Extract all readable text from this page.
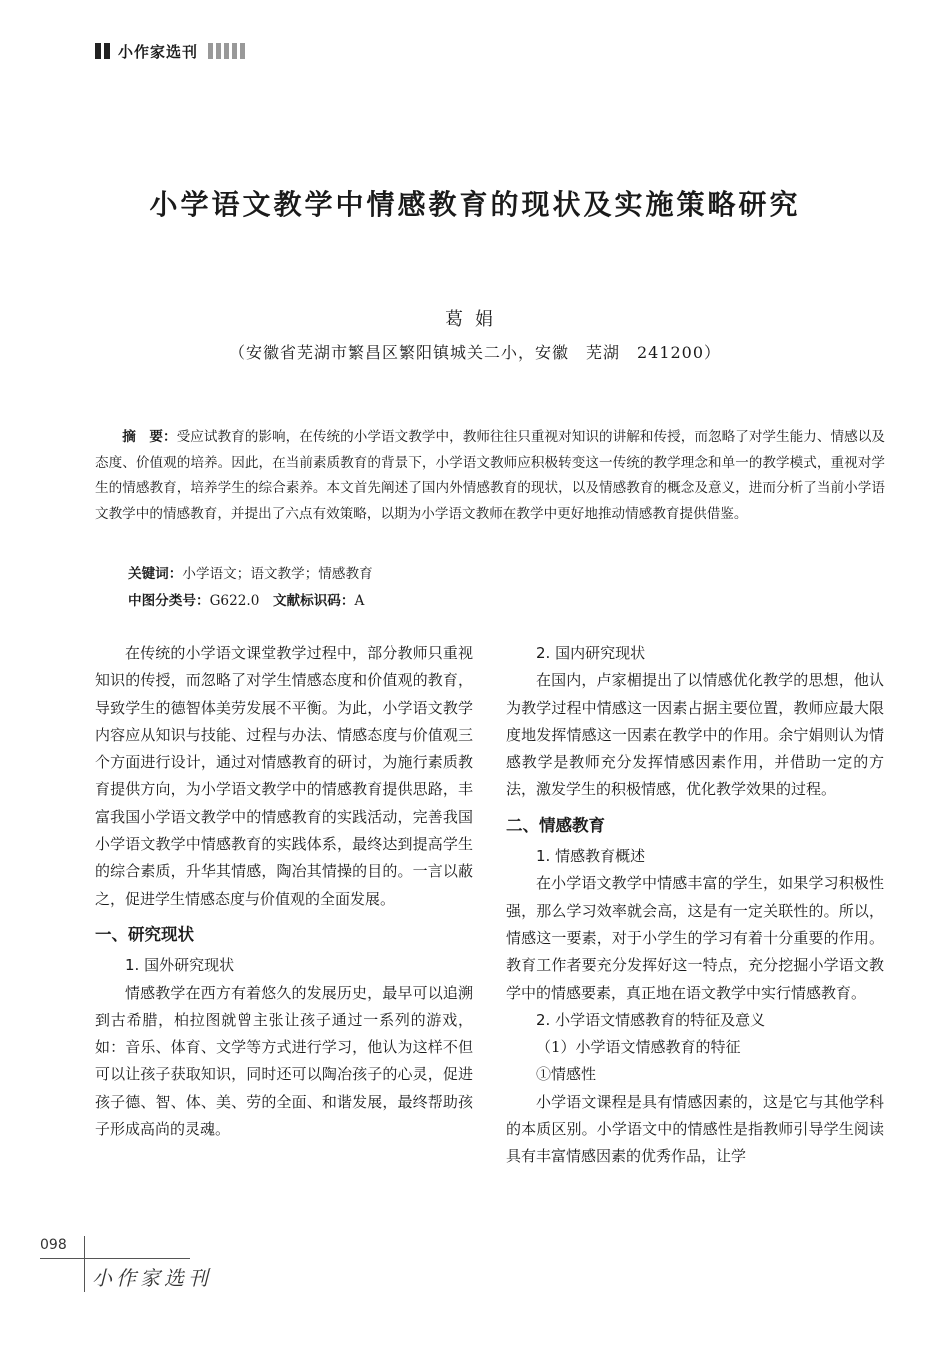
小作家选刊
小学语文教学中情感教育的现状及实施策略研究
葛娟
（安徽省芜湖市繁昌区繁阳镇城关二小，安徽　芜湖　241200）

摘　要：受应试教育的影响，在传统的小学语文教学中，教师往往只重视对知识的讲解和传授，而忽略了对学生能力、情感以及态度、价值观的培养。因此，在当前素质教育的背景下，小学语文教师应积极转变这一传统的教学理念和单一的教学模式，重视对学生的情感教育，培养学生的综合素养。本文首先阐述了国内外情感教育的现状，以及情感教育的概念及意义，进而分析了当前小学语文教学中的情感教育，并提出了六点有效策略，以期为小学语文教师在教学中更好地推动情感教育提供借鉴。

关键词：小学语文；语文教学；情感教育
中图分类号：G622.0  文献标识码：A

在传统的小学语文课堂教学过程中，部分教师只重视知识的传授，而忽略了对学生情感态度和价值观的教育，导致学生的德智体美劳发展不平衡。为此，小学语文教学内容应从知识与技能、过程与办法、情感态度与价值观三个方面进行设计，通过对情感教育的研讨，为施行素质教育提供方向，为小学语文教学中的情感教育提供思路，丰富我国小学语文教学中的情感教育的实践活动，完善我国小学语文教学中情感教育的实践体系，最终达到提高学生的综合素质，升华其情感，陶冶其情操的目的。一言以蔽之，促进学生情感态度与价值观的全面发展。

一、研究现状

1. 国外研究现状

情感教学在西方有着悠久的发展历史，最早可以追溯到古希腊，柏拉图就曾主张让孩子通过一系列的游戏，如：音乐、体育、文学等方式进行学习，他认为这样不但可以让孩子获取知识，同时还可以陶冶孩子的心灵，促进孩子德、智、体、美、劳的全面、和谐发展，最终帮助孩子形成高尚的灵魂。

2. 国内研究现状

在国内，卢家楣提出了以情感优化教学的思想，他认为教学过程中情感这一因素占据主要位置，教师应最大限度地发挥情感这一因素在教学中的作用。余宁娟则认为情感教学是教师充分发挥情感因素作用，并借助一定的方法，激发学生的积极情感，优化教学效果的过程。

二、情感教育

1. 情感教育概述

在小学语文教学中情感丰富的学生，如果学习积极性强，那么学习效率就会高，这是有一定关联性的。所以，情感这一要素，对于小学生的学习有着十分重要的作用。教育工作者要充分发挥好这一特点，充分挖掘小学语文教学中的情感要素，真正地在语文教学中实行情感教育。

2. 小学语文情感教育的特征及意义

（1）小学语文情感教育的特征

①情感性

小学语文课程是具有情感因素的，这是它与其他学科的本质区别。小学语文中的情感性是指教师引导学生阅读具有丰富情感因素的优秀作品，让学

098
小作家选刊
